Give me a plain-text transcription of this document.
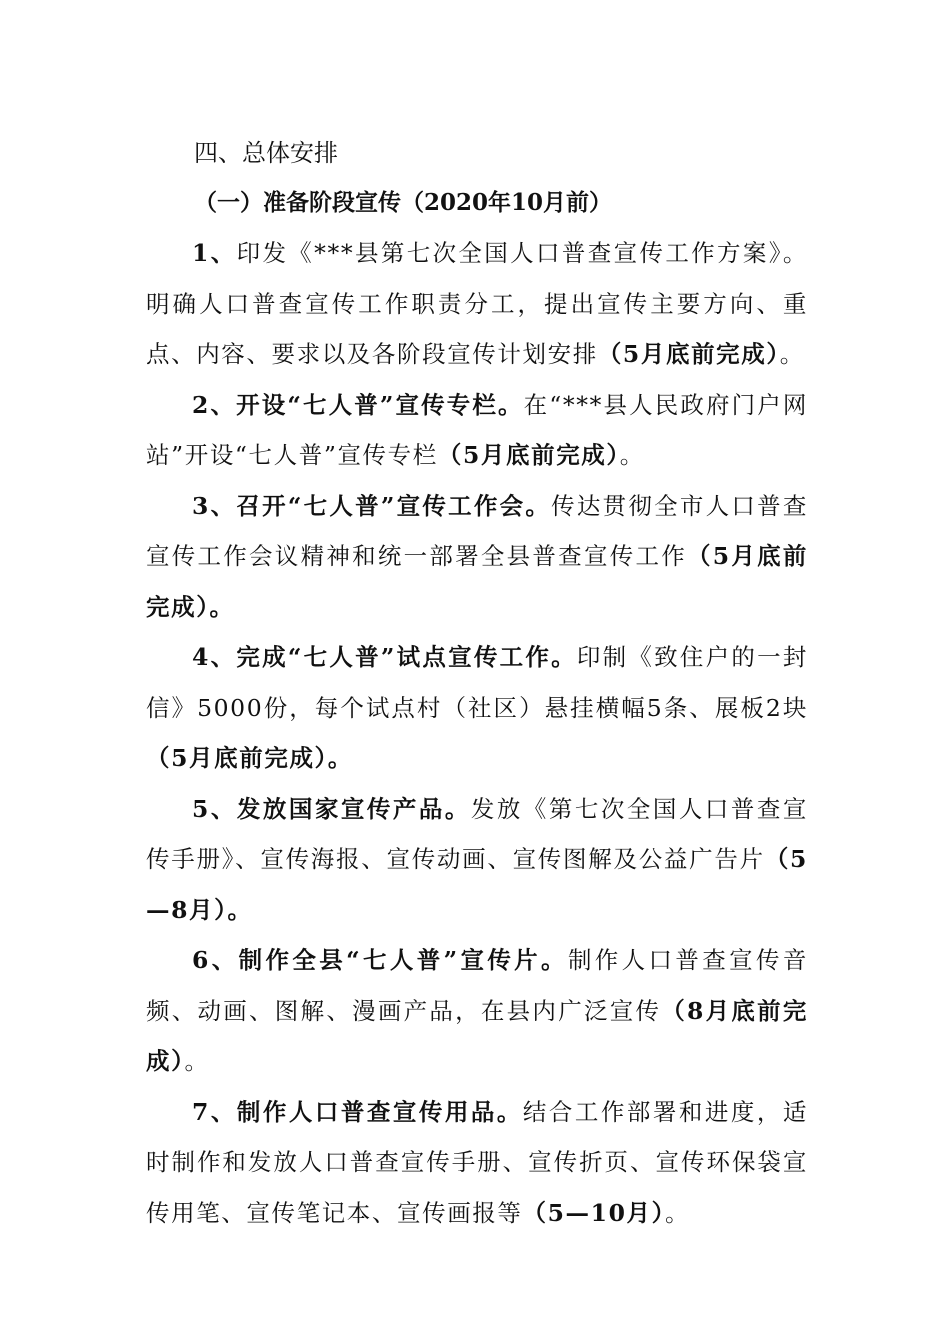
四、总体安排

（一）准备阶段宣传（2020年10月前）

1、印发《***县第七次全国人口普查宣传工作方案》。明确人口普查宣传工作职责分工，提出宣传主要方向、重点、内容、要求以及各阶段宣传计划安排（5月底前完成）。

2、开设“七人普”宣传专栏。在“***县人民政府门户网站”开设“七人普”宣传专栏（5月底前完成）。

3、召开“七人普”宣传工作会。传达贯彻全市人口普查宣传工作会议精神和统一部署全县普查宣传工作（5月底前完成）。

4、完成“七人普”试点宣传工作。印制《致住户的一封信》5000份，每个试点村（社区）悬挂横幅5条、展板2块（5月底前完成）。

5、发放国家宣传产品。发放《第七次全国人口普查宣传手册》、宣传海报、宣传动画、宣传图解及公益广告片（5—8月）。

6、制作全县“七人普”宣传片。制作人口普查宣传音频、动画、图解、漫画产品，在县内广泛宣传（8月底前完成）。

7、制作人口普查宣传用品。结合工作部署和进度，适时制作和发放人口普查宣传手册、宣传折页、宣传环保袋宣传用笔、宣传笔记本、宣传画报等（5—10月）。
